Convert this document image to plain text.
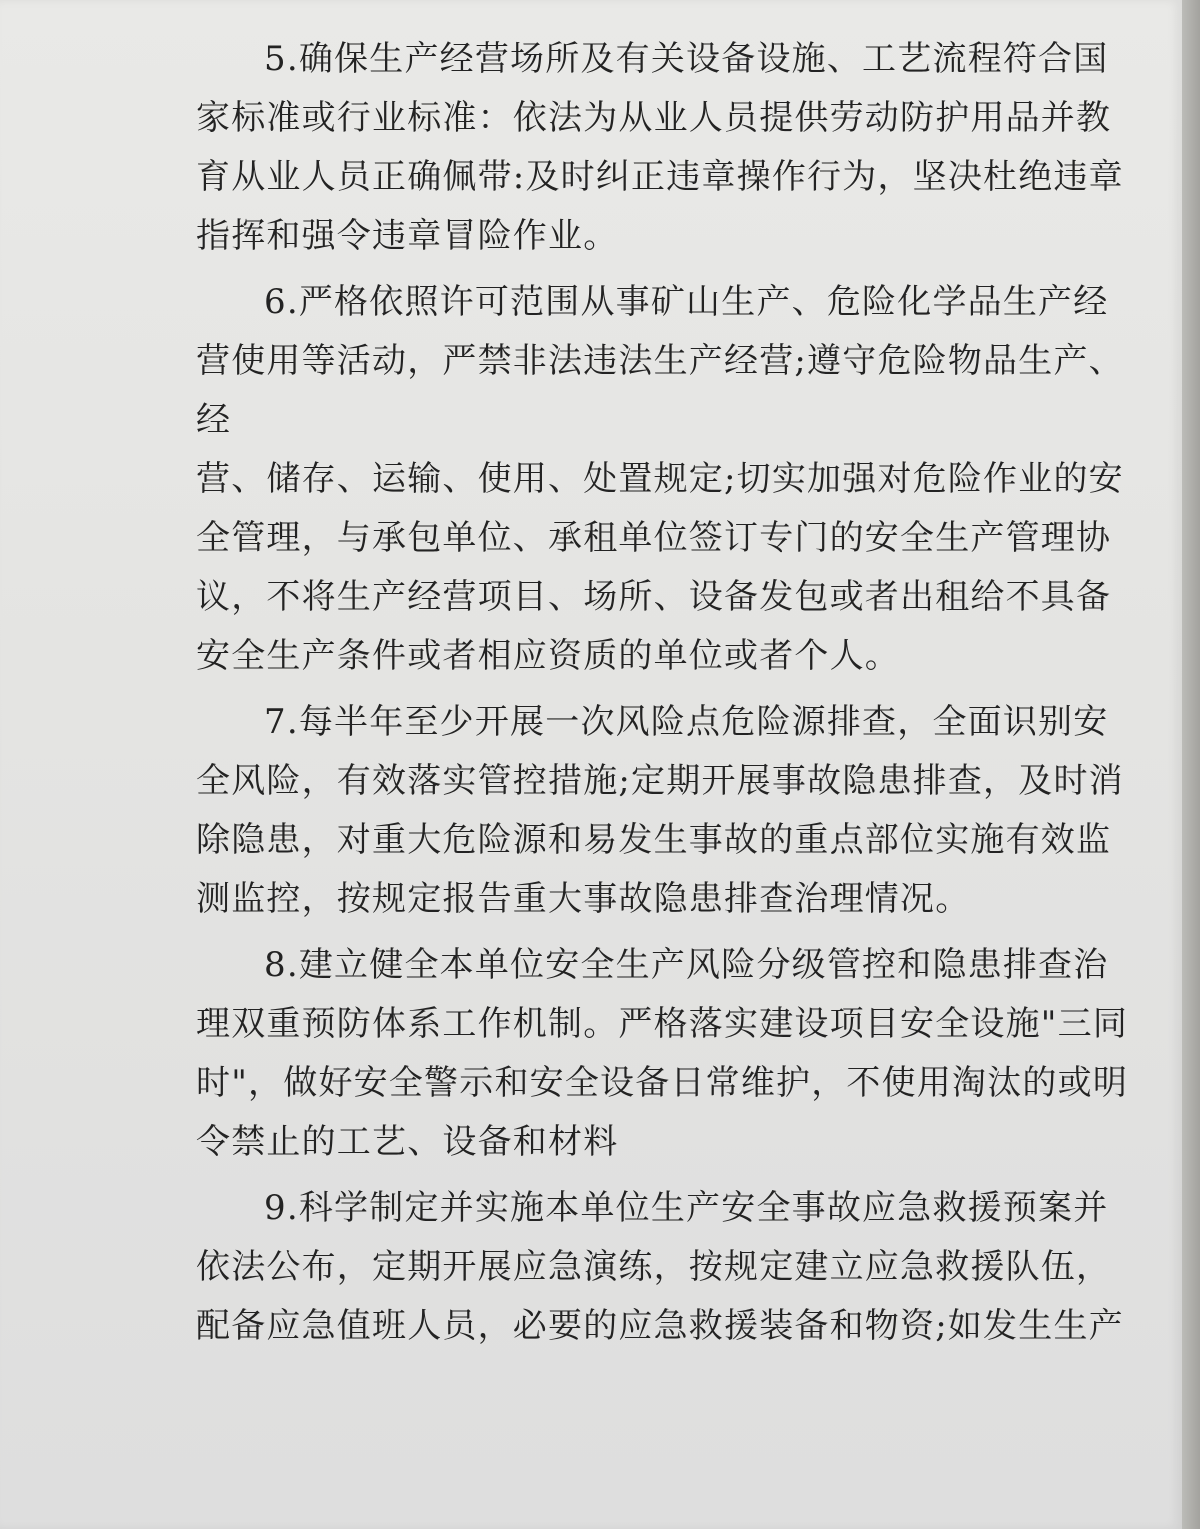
5.确保生产经营场所及有关设备设施、工艺流程符合国
家标准或行业标准：依法为从业人员提供劳动防护用品并教
育从业人员正确佩带:及时纠正违章操作行为，坚决杜绝违章
指挥和强令违章冒险作业。

6.严格依照许可范围从事矿山生产、危险化学品生产经
营使用等活动，严禁非法违法生产经营;遵守危险物品生产、
经
营、储存、运输、使用、处置规定;切实加强对危险作业的安
全管理，与承包单位、承租单位签订专门的安全生产管理协
议，不将生产经营项目、场所、设备发包或者出租给不具备
安全生产条件或者相应资质的单位或者个人。

7.每半年至少开展一次风险点危险源排查，全面识别安
全风险，有效落实管控措施;定期开展事故隐患排查，及时消
除隐患，对重大危险源和易发生事故的重点部位实施有效监
测监控，按规定报告重大事故隐患排查治理情况。

8.建立健全本单位安全生产风险分级管控和隐患排查治
理双重预防体系工作机制。严格落实建设项目安全设施"三同
时"，做好安全警示和安全设备日常维护，不使用淘汰的或明
令禁止的工艺、设备和材料

9.科学制定并实施本单位生产安全事故应急救援预案并
依法公布，定期开展应急演练，按规定建立应急救援队伍，
配备应急值班人员，必要的应急救援装备和物资;如发生生产
